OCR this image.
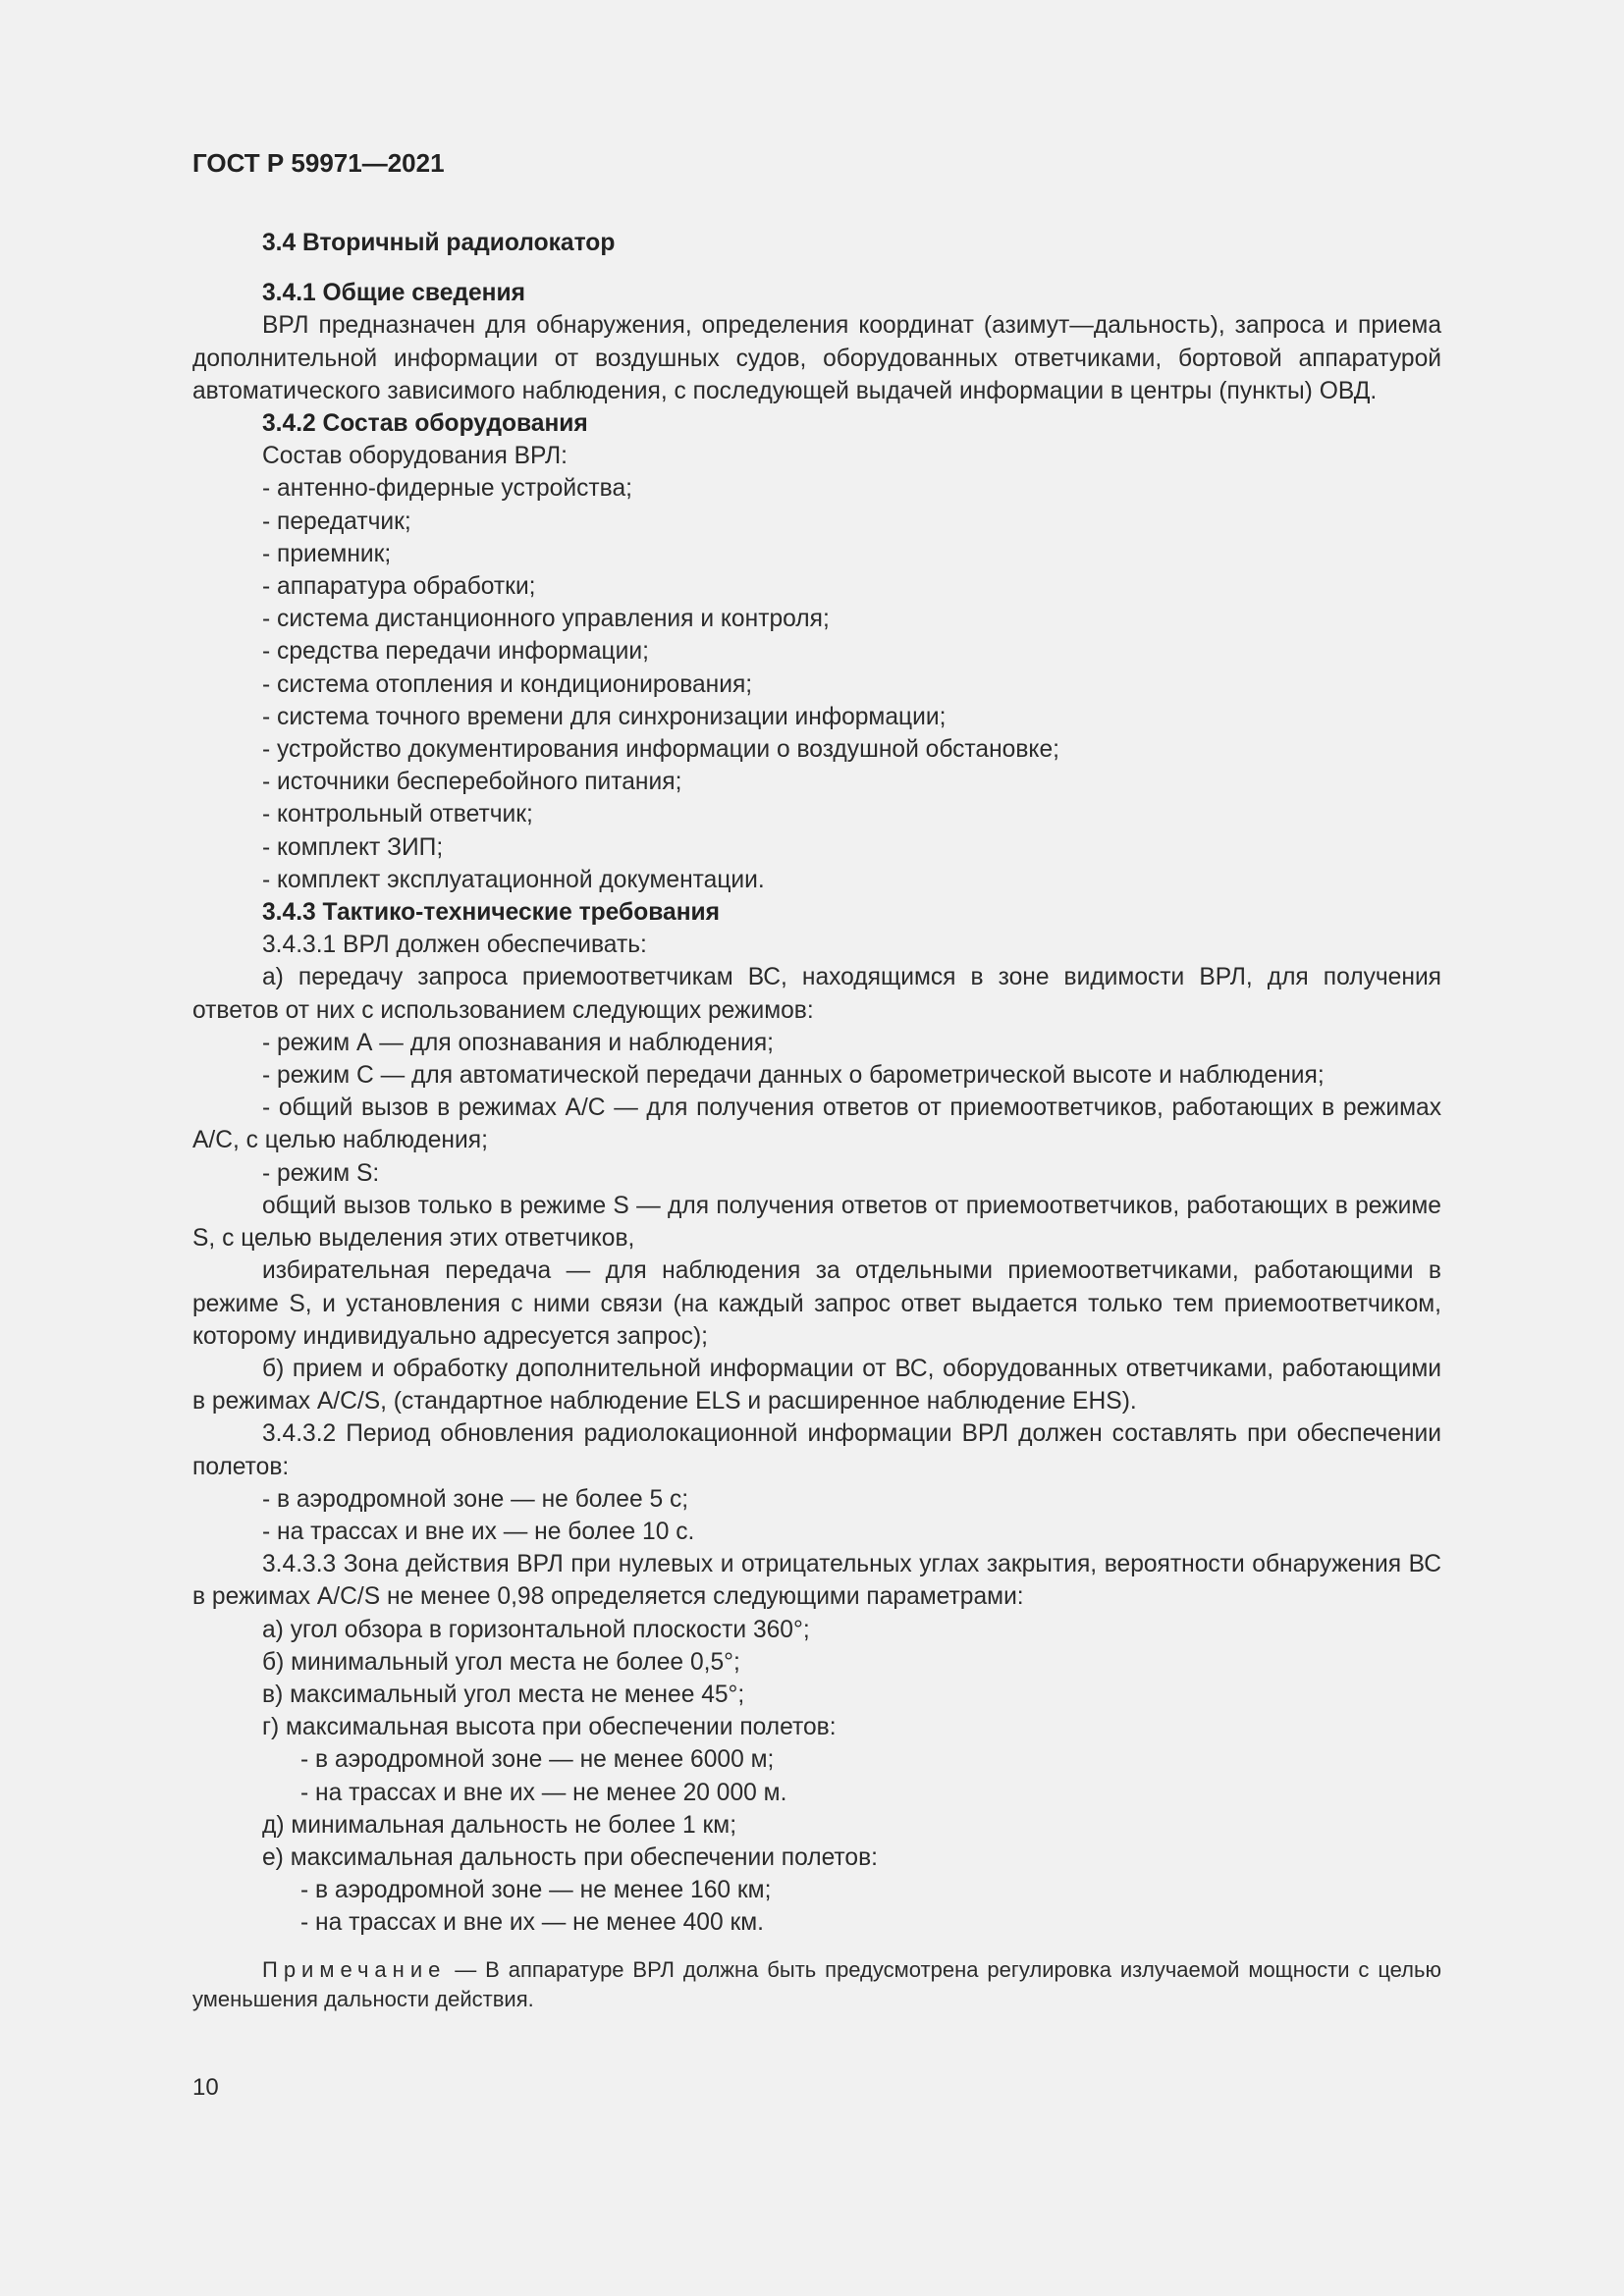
ГОСТ Р 59971—2021
3.4 Вторичный радиолокатор
3.4.1 Общие сведения
ВРЛ предназначен для обнаружения, определения координат (азимут—дальность), запроса и приема дополнительной информации от воздушных судов, оборудованных ответчиками, бортовой аппаратурой автоматического зависимого наблюдения, с последующей выдачей информации в центры (пункты) ОВД.
3.4.2 Состав оборудования
Состав оборудования ВРЛ:
- антенно-фидерные устройства;
- передатчик;
- приемник;
- аппаратура обработки;
- система дистанционного управления и контроля;
- средства передачи информации;
- система отопления и кондиционирования;
- система точного времени для синхронизации информации;
- устройство документирования информации о воздушной обстановке;
- источники бесперебойного питания;
- контрольный ответчик;
- комплект ЗИП;
- комплект эксплуатационной документации.
3.4.3 Тактико-технические требования
3.4.3.1 ВРЛ должен обеспечивать:
а) передачу запроса приемоответчикам ВС, находящимся в зоне видимости ВРЛ, для получения ответов от них с использованием следующих режимов:
- режим А — для опознавания и наблюдения;
- режим С — для автоматической передачи данных о барометрической высоте и наблюдения;
- общий вызов в режимах А/С — для получения ответов от приемоответчиков, работающих в режимах А/С, с целью наблюдения;
- режим S:
общий вызов только в режиме S — для получения ответов от приемоответчиков, работающих в режиме S, с целью выделения этих ответчиков,
избирательная передача — для наблюдения за отдельными приемоответчиками, работающими в режиме S, и установления с ними связи (на каждый запрос ответ выдается только тем приемоответчиком, которому индивидуально адресуется запрос);
б) прием и обработку дополнительной информации от ВС, оборудованных ответчиками, работающими в режимах А/С/S, (стандартное наблюдение ELS и расширенное наблюдение EHS).
3.4.3.2 Период обновления радиолокационной информации ВРЛ должен составлять при обеспечении полетов:
- в аэродромной зоне — не более 5 с;
- на трассах и вне их — не более 10 с.
3.4.3.3 Зона действия ВРЛ при нулевых и отрицательных углах закрытия, вероятности обнаружения ВС в режимах А/С/S не менее 0,98 определяется следующими параметрами:
а) угол обзора в горизонтальной плоскости 360°;
б) минимальный угол места не более 0,5°;
в) максимальный угол места не менее 45°;
г) максимальная высота при обеспечении полетов:
- в аэродромной зоне — не менее 6000 м;
- на трассах и вне их — не менее 20 000 м.
д) минимальная дальность не более 1 км;
е) максимальная дальность при обеспечении полетов:
- в аэродромной зоне — не менее 160 км;
- на трассах и вне их — не менее 400 км.
Примечание — В аппаратуре ВРЛ должна быть предусмотрена регулировка излучаемой мощности с целью уменьшения дальности действия.
10
